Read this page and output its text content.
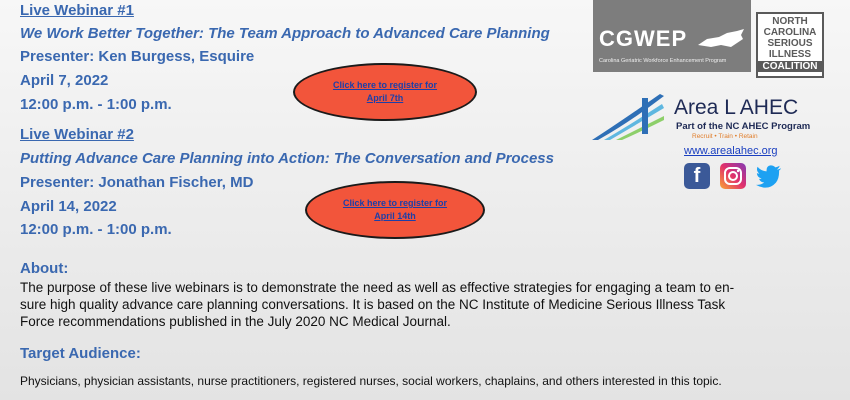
Live Webinar #1
We Work Better Together: The Team Approach to Advanced Care Planning
Presenter: Ken Burgess, Esquire
April 7, 2022
12:00 p.m. - 1:00 p.m.
Click here to register for
April 7th
Live Webinar #2
Putting Advance Care Planning into Action: The Conversation and Process
Presenter: Jonathan Fischer, MD
April 14, 2022
12:00 p.m. - 1:00 p.m.
Click here to register for
April 14th
About:
The purpose of these live webinars is to demonstrate the need as well as effective strategies for engaging a team to en-
sure high quality advance care planning conversations. It is based on the NC Institute of Medicine Serious Illness Task
Force recommendations published in the July 2020 NC Medical Journal.
Target Audience:
Physicians, physician assistants, nurse practitioners, registered nurses, social workers, chaplains, and others interested in this topic.
CGWEP
Carolina Geriatric Workforce Enhancement Program
NORTH
CAROLINA
SERIOUS
ILLNESS
COALITION
Area L AHEC
Part of the NC AHEC Program
Recruit • Train • Retain
www.arealahec.org
f
